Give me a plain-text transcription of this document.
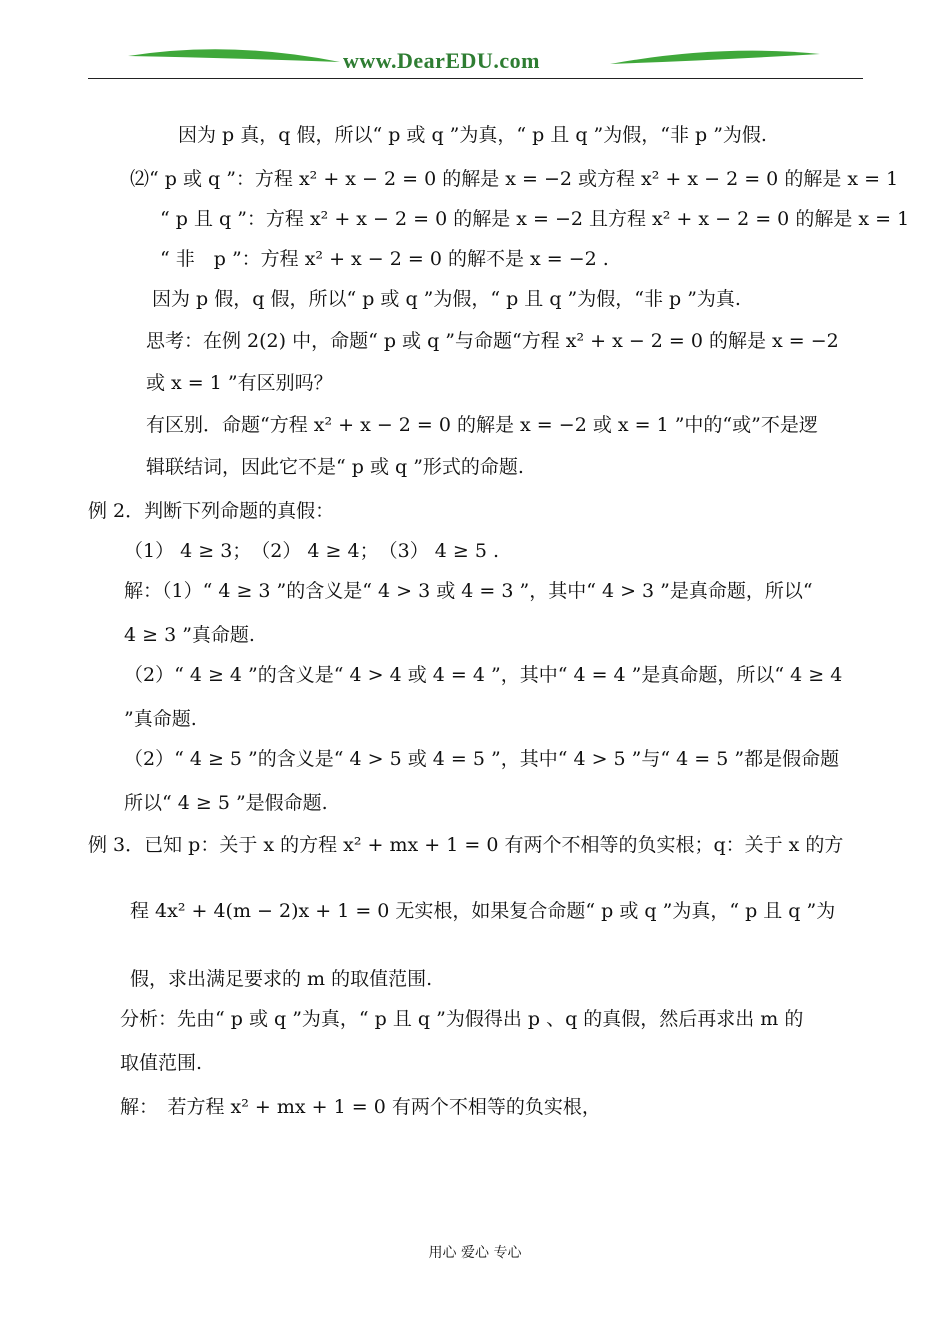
www.DearEDU.com
因为 p 真，q 假，所以“ p 或 q ”为真，“ p 且 q ”为假，“非 p ”为假.
⑵“ p 或 q ”：方程 x² + x − 2 = 0 的解是 x = −2 或方程 x² + x − 2 = 0 的解是 x = 1
“ p 且 q ”：方程 x² + x − 2 = 0 的解是 x = −2 且方程 x² + x − 2 = 0 的解是 x = 1
“ 非　p ”：方程 x² + x − 2 = 0 的解不是 x = −2 .
因为 p 假，q 假，所以“ p 或 q ”为假，“ p 且 q ”为假，“非 p ”为真.
思考：在例 2(2) 中，命题“ p 或 q ”与命题“方程 x² + x − 2 = 0 的解是 x = −2
或 x = 1 ”有区别吗？
有区别．命题“方程 x² + x − 2 = 0 的解是 x = −2 或 x = 1 ”中的“或”不是逻
辑联结词，因此它不是“ p 或 q ”形式的命题.
例 2．判断下列命题的真假：
（1） 4 ≥ 3；　（2） 4 ≥ 4；　（3） 4 ≥ 5 .
解：（1）“ 4 ≥ 3 ”的含义是“ 4 > 3 或 4 = 3 ”，其中“ 4 > 3 ”是真命题，所以“
4 ≥ 3 ”真命题.
（2）“ 4 ≥ 4 ”的含义是“ 4 > 4 或 4 = 4 ”，其中“ 4 = 4 ”是真命题，所以“ 4 ≥ 4
”真命题.
（2）“ 4 ≥ 5 ”的含义是“ 4 > 5 或 4 = 5 ”，其中“ 4 > 5 ”与“ 4 = 5 ”都是假命题
所以“ 4 ≥ 5 ”是假命题.
例 3．已知 p：关于 x 的方程 x² + mx + 1 = 0 有两个不相等的负实根；q：关于 x 的方
程 4x² + 4(m − 2)x + 1 = 0 无实根，如果复合命题“ p 或 q ”为真，“ p 且 q ”为
假，求出满足要求的 m 的取值范围.
分析：先由“ p 或 q ”为真，“ p 且 q ”为假得出 p 、q 的真假，然后再求出 m 的
取值范围.
解：　若方程 x² + mx + 1 = 0 有两个不相等的负实根，
用心 爱心 专心
